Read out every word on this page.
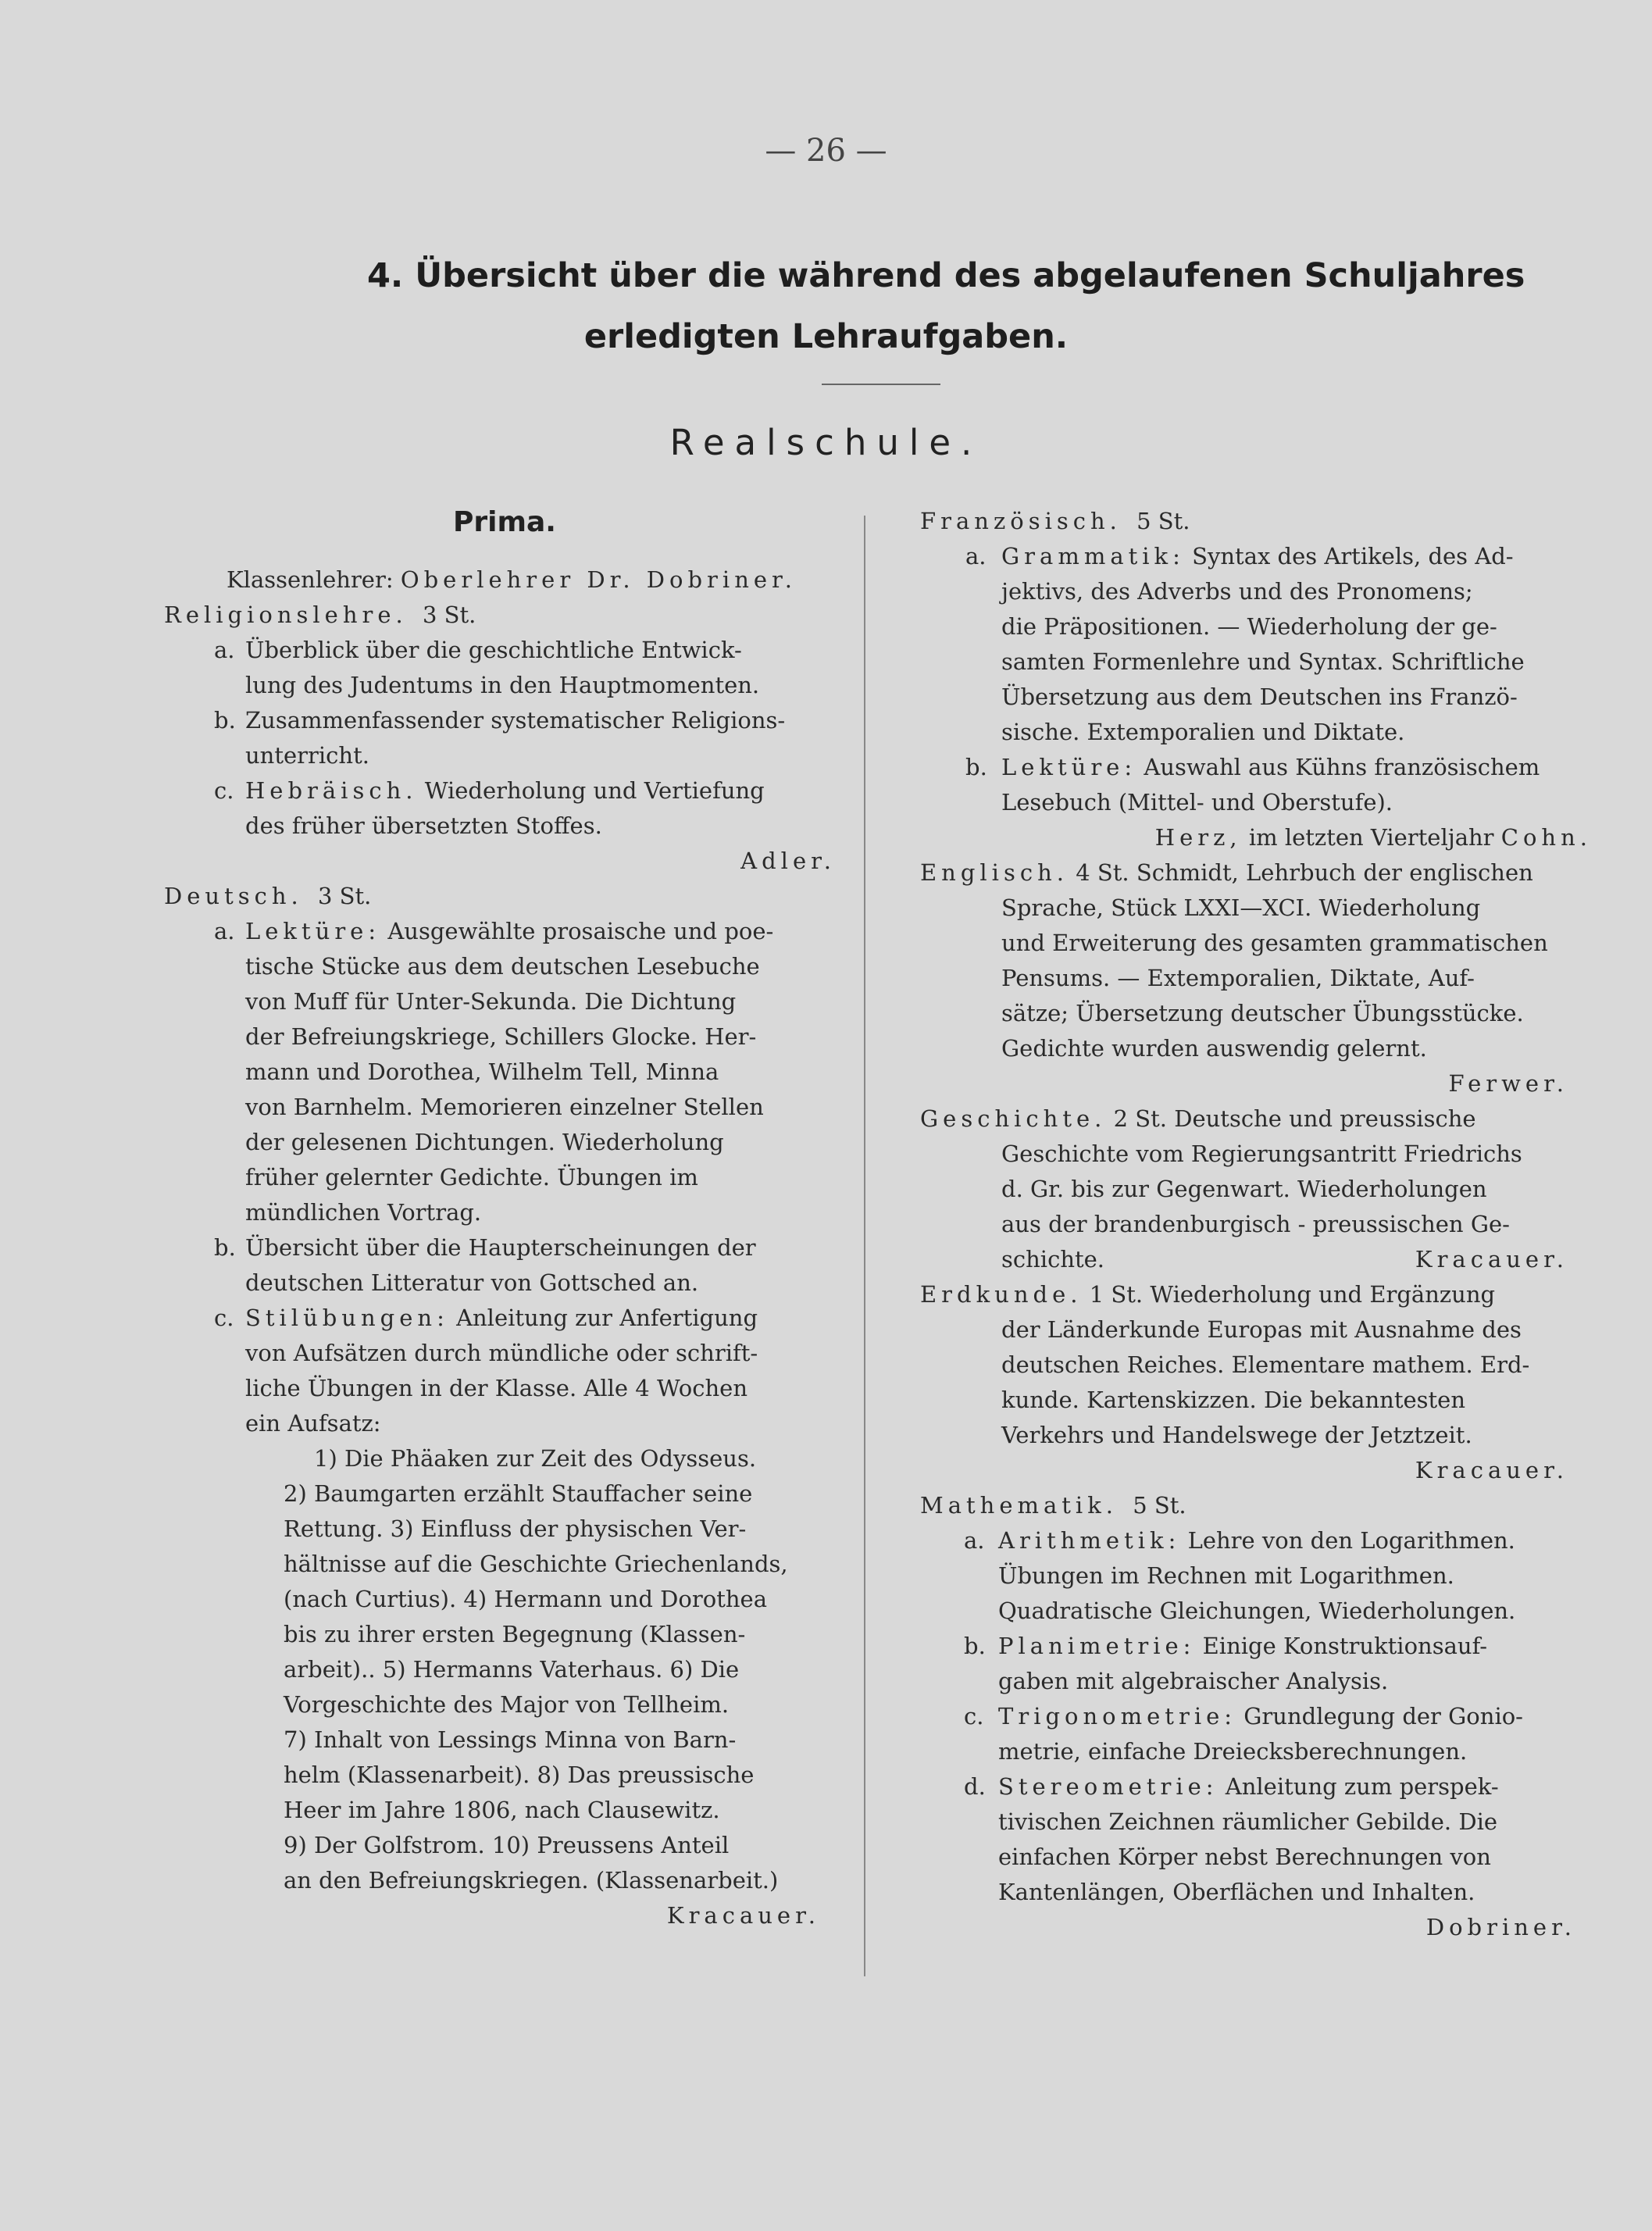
— 26 —
4. Übersicht über die während des abgelaufenen Schuljahres
erledigten Lehraufgaben.
Realschule.
Prima.
Klassenlehrer: Oberlehrer Dr. Dobriner.
Religionslehre. 3 St.
a. Überblick über die geschichtliche Entwick-
lung des Judentums in den Hauptmomenten.
b. Zusammenfassender systematischer Religions-
unterricht.
c. Hebräisch. Wiederholung und Vertiefung
des früher übersetzten Stoffes.
Adler.
Deutsch. 3 St.
a. Lektüre: Ausgewählte prosaische und poe-
tische Stücke aus dem deutschen Lesebuche
von Muff für Unter-Sekunda. Die Dichtung
der Befreiungskriege, Schillers Glocke. Her-
mann und Dorothea, Wilhelm Tell, Minna
von Barnhelm. Memorieren einzelner Stellen
der gelesenen Dichtungen. Wiederholung
früher gelernter Gedichte. Übungen im
mündlichen Vortrag.
b. Übersicht über die Haupterscheinungen der
deutschen Litteratur von Gottsched an.
c. Stilübungen: Anleitung zur Anfertigung
von Aufsätzen durch mündliche oder schrift-
liche Übungen in der Klasse. Alle 4 Wochen
ein Aufsatz:
1) Die Phäaken zur Zeit des Odysseus.
2) Baumgarten erzählt Stauffacher seine
Rettung. 3) Einfluss der physischen Ver-
hältnisse auf die Geschichte Griechenlands,
(nach Curtius). 4) Hermann und Dorothea
bis zu ihrer ersten Begegnung (Klassen-
arbeit).. 5) Hermanns Vaterhaus. 6) Die
Vorgeschichte des Major von Tellheim.
7) Inhalt von Lessings Minna von Barn-
helm (Klassenarbeit). 8) Das preussische
Heer im Jahre 1806, nach Clausewitz.
9) Der Golfstrom. 10) Preussens Anteil
an den Befreiungskriegen. (Klassenarbeit.)
Kracauer.
Französisch. 5 St.
a. Grammatik: Syntax des Artikels, des Ad-
jektivs, des Adverbs und des Pronomens;
die Präpositionen. — Wiederholung der ge-
samten Formenlehre und Syntax. Schriftliche
Übersetzung aus dem Deutschen ins Franzö-
sische. Extemporalien und Diktate.
b. Lektüre: Auswahl aus Kühns französischem
Lesebuch (Mittel- und Oberstufe).
Herz, im letzten Vierteljahr Cohn.
Englisch. 4 St. Schmidt, Lehrbuch der englischen
Sprache, Stück LXXI—XCI. Wiederholung
und Erweiterung des gesamten grammatischen
Pensums. — Extemporalien, Diktate, Auf-
sätze; Übersetzung deutscher Übungsstücke.
Gedichte wurden auswendig gelernt.
Ferwer.
Geschichte. 2 St. Deutsche und preussische
Geschichte vom Regierungsantritt Friedrichs
d. Gr. bis zur Gegenwart. Wiederholungen
aus der brandenburgisch - preussischen Ge-
schichte.	Kracauer.
Erdkunde. 1 St. Wiederholung und Ergänzung
der Länderkunde Europas mit Ausnahme des
deutschen Reiches. Elementare mathem. Erd-
kunde. Kartenskizzen. Die bekanntesten
Verkehrs und Handelswege der Jetztzeit.
Kracauer.
Mathematik. 5 St.
a. Arithmetik: Lehre von den Logarithmen.
Übungen im Rechnen mit Logarithmen.
Quadratische Gleichungen, Wiederholungen.
b. Planimetrie: Einige Konstruktionsauf-
gaben mit algebraischer Analysis.
c. Trigonometrie: Grundlegung der Gonio-
metrie, einfache Dreiecksberechnungen.
d. Stereometrie: Anleitung zum perspek-
tivischen Zeichnen räumlicher Gebilde. Die
einfachen Körper nebst Berechnungen von
Kantenlängen, Oberflächen und Inhalten.
Dobriner.
